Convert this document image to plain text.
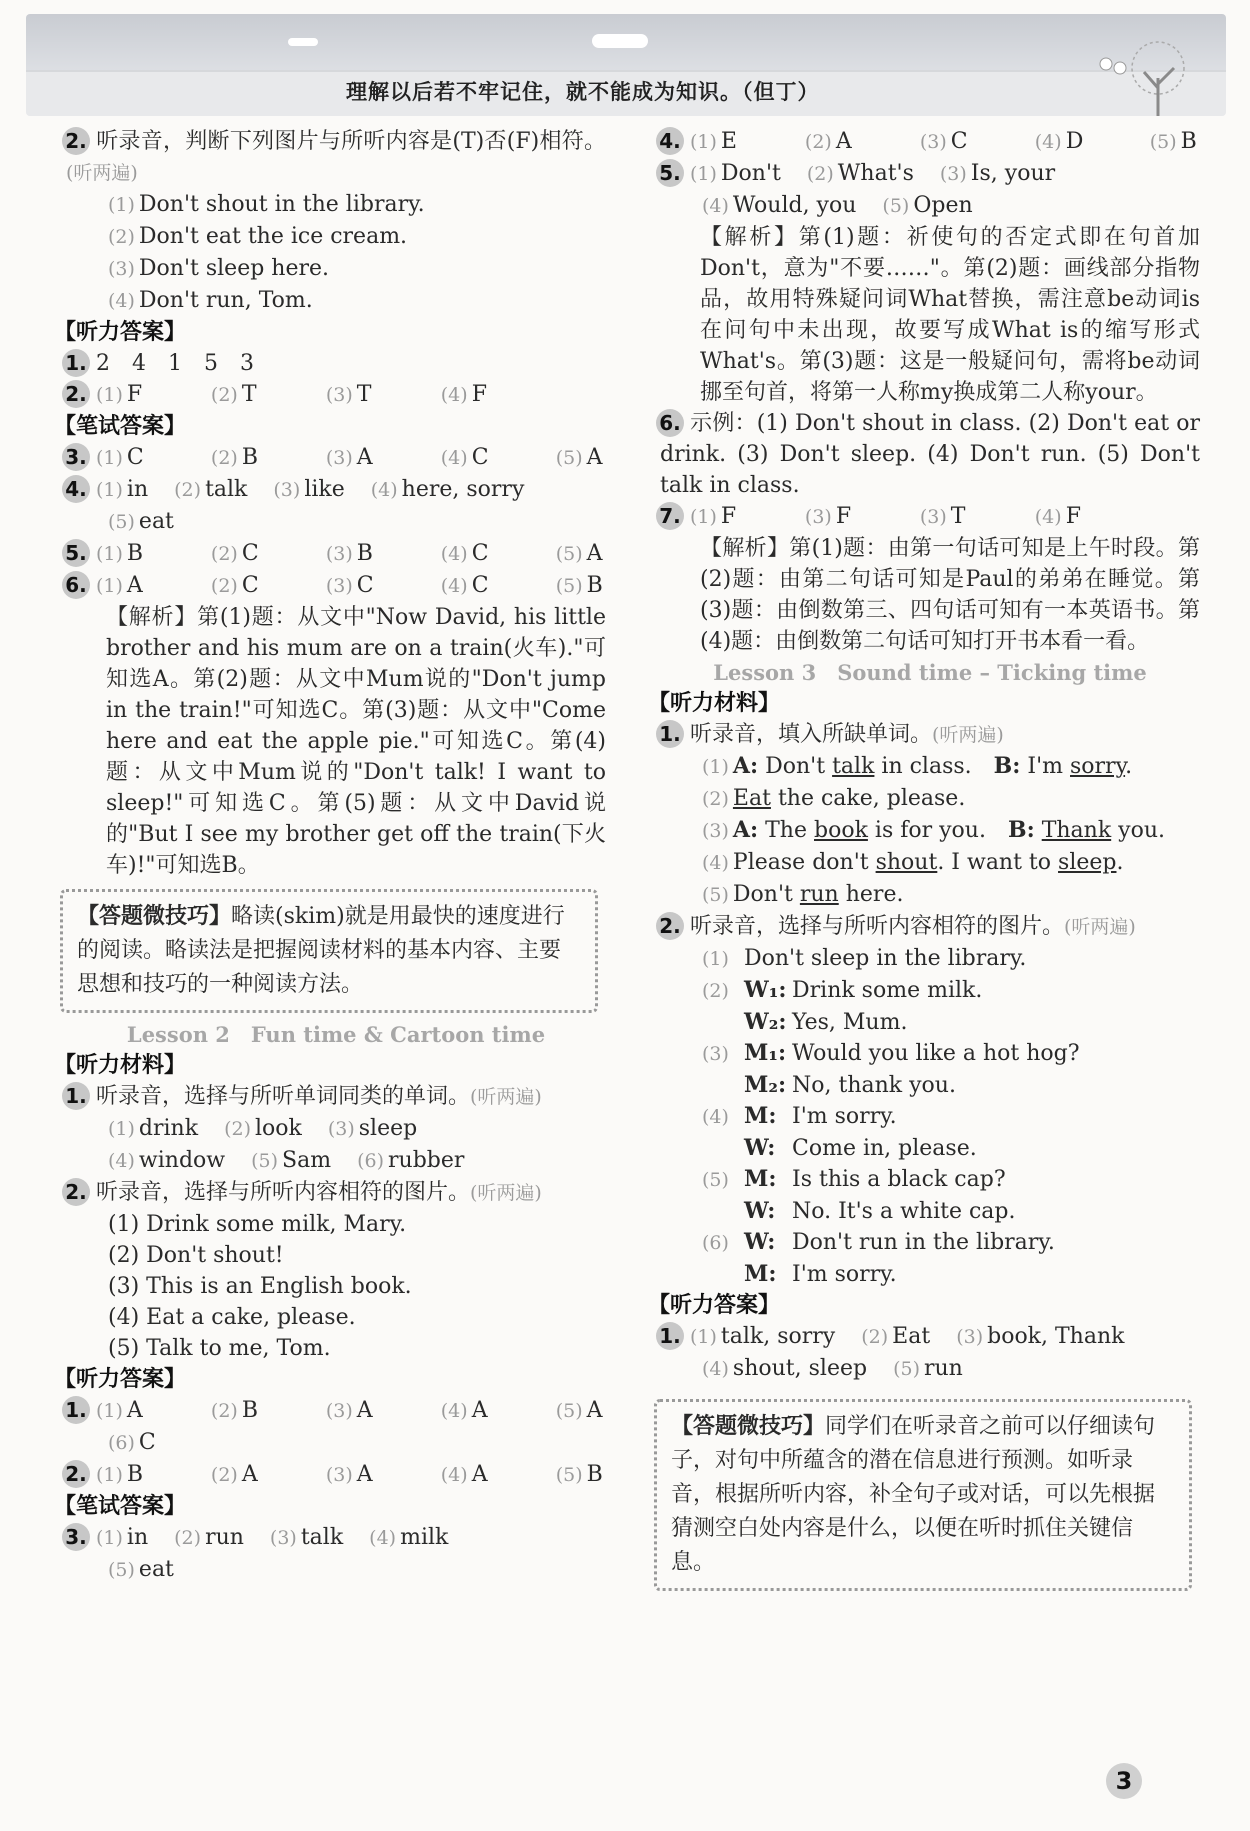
理解以后若不牢记住，就不能成为知识。（但丁）
2. 听录音，判断下列图片与所听内容是(T)否(F)相符。(听两遍)
(1) Don't shout in the library.
(2) Don't eat the ice cream.
(3) Don't sleep here.
(4) Don't run, Tom.
【听力答案】
1. 2　4　1　5　3
2. (1) F	(2) T	(3) T	(4) F
【笔试答案】
3. (1) C	(2) B	(3) A	(4) C	(5) A
4. (1) in (2) talk (3) like (4) here, sorry
(5) eat
5. (1) B	(2) C	(3) B	(4) C	(5) A
6. (1) A	(2) C	(3) C	(4) C	(5) B
【解析】第(1)题：从文中"Now David, his little brother and his mum are on a train(火车)."可知选A。第(2)题：从文中Mum说的"Don't jump in the train!"可知选C。第(3)题：从文中"Come here and eat the apple pie."可知选C。第(4)题：从文中Mum说的"Don't talk! I want to sleep!"可知选C。第(5)题：从文中David说的"But I see my brother get off the train(下火车)!"可知选B。
【答题微技巧】略读(skim)就是用最快的速度进行的阅读。略读法是把握阅读材料的基本内容、主要思想和技巧的一种阅读方法。
Lesson 2　Fun time & Cartoon time
【听力材料】
1. 听录音，选择与所听单词同类的单词。(听两遍)
(1) drink (2) look (3) sleep
(4) window (5) Sam (6) rubber
2. 听录音，选择与所听内容相符的图片。(听两遍)
(1) Drink some milk, Mary.
(2) Don't shout!
(3) This is an English book.
(4) Eat a cake, please.
(5) Talk to me, Tom.
【听力答案】
1. (1) A	(2) B	(3) A	(4) A	(5) A
(6) C
2. (1) B	(2) A	(3) A	(4) A	(5) B
【笔试答案】
3. (1) in (2) run (3) talk (4) milk
(5) eat
4. (1) E	(2) A	(3) C	(4) D	(5) B
5. (1) Don't (2) What's (3) Is, your
(4) Would, you (5) Open
【解析】第(1)题：祈使句的否定式即在句首加Don't，意为"不要……"。第(2)题：画线部分指物品，故用特殊疑问词What替换，需注意be动词is在问句中未出现，故要写成What is的缩写形式What's。第(3)题：这是一般疑问句，需将be动词挪至句首，将第一人称my换成第二人称your。
6. 示例：(1) Don't shout in class. (2) Don't eat or drink. (3) Don't sleep. (4) Don't run. (5) Don't talk in class.
7. (1) F	(3) F	(3) T	(4) F
【解析】第(1)题：由第一句话可知是上午时段。第(2)题：由第二句话可知是Paul的弟弟在睡觉。第(3)题：由倒数第三、四句话可知有一本英语书。第(4)题：由倒数第二句话可知打开书本看一看。
Lesson 3　Sound time – Ticking time
【听力材料】
1. 听录音，填入所缺单词。(听两遍)
(1) A: Don't talk in class.　 B: I'm sorry.
(2) Eat the cake, please.
(3) A: The book is for you.　 B: Thank you.
(4) Please don't shout. I want to sleep.
(5) Don't run here.
2. 听录音，选择与所听内容相符的图片。(听两遍)
(1) Don't sleep in the library.
(2) W₁: Drink some milk.
W₂: Yes, Mum.
(3) M₁: Would you like a hot hog?
M₂: No, thank you.
(4) M: I'm sorry.
W: Come in, please.
(5) M: Is this a black cap?
W: No. It's a white cap.
(6) W: Don't run in the library.
M: I'm sorry.
【听力答案】
1. (1) talk, sorry (2) Eat (3) book, Thank
(4) shout, sleep (5) run
【答题微技巧】同学们在听录音之前可以仔细读句子，对句中所蕴含的潜在信息进行预测。如听录音，根据所听内容，补全句子或对话，可以先根据猜测空白处内容是什么，以便在听时抓住关键信息。
3
